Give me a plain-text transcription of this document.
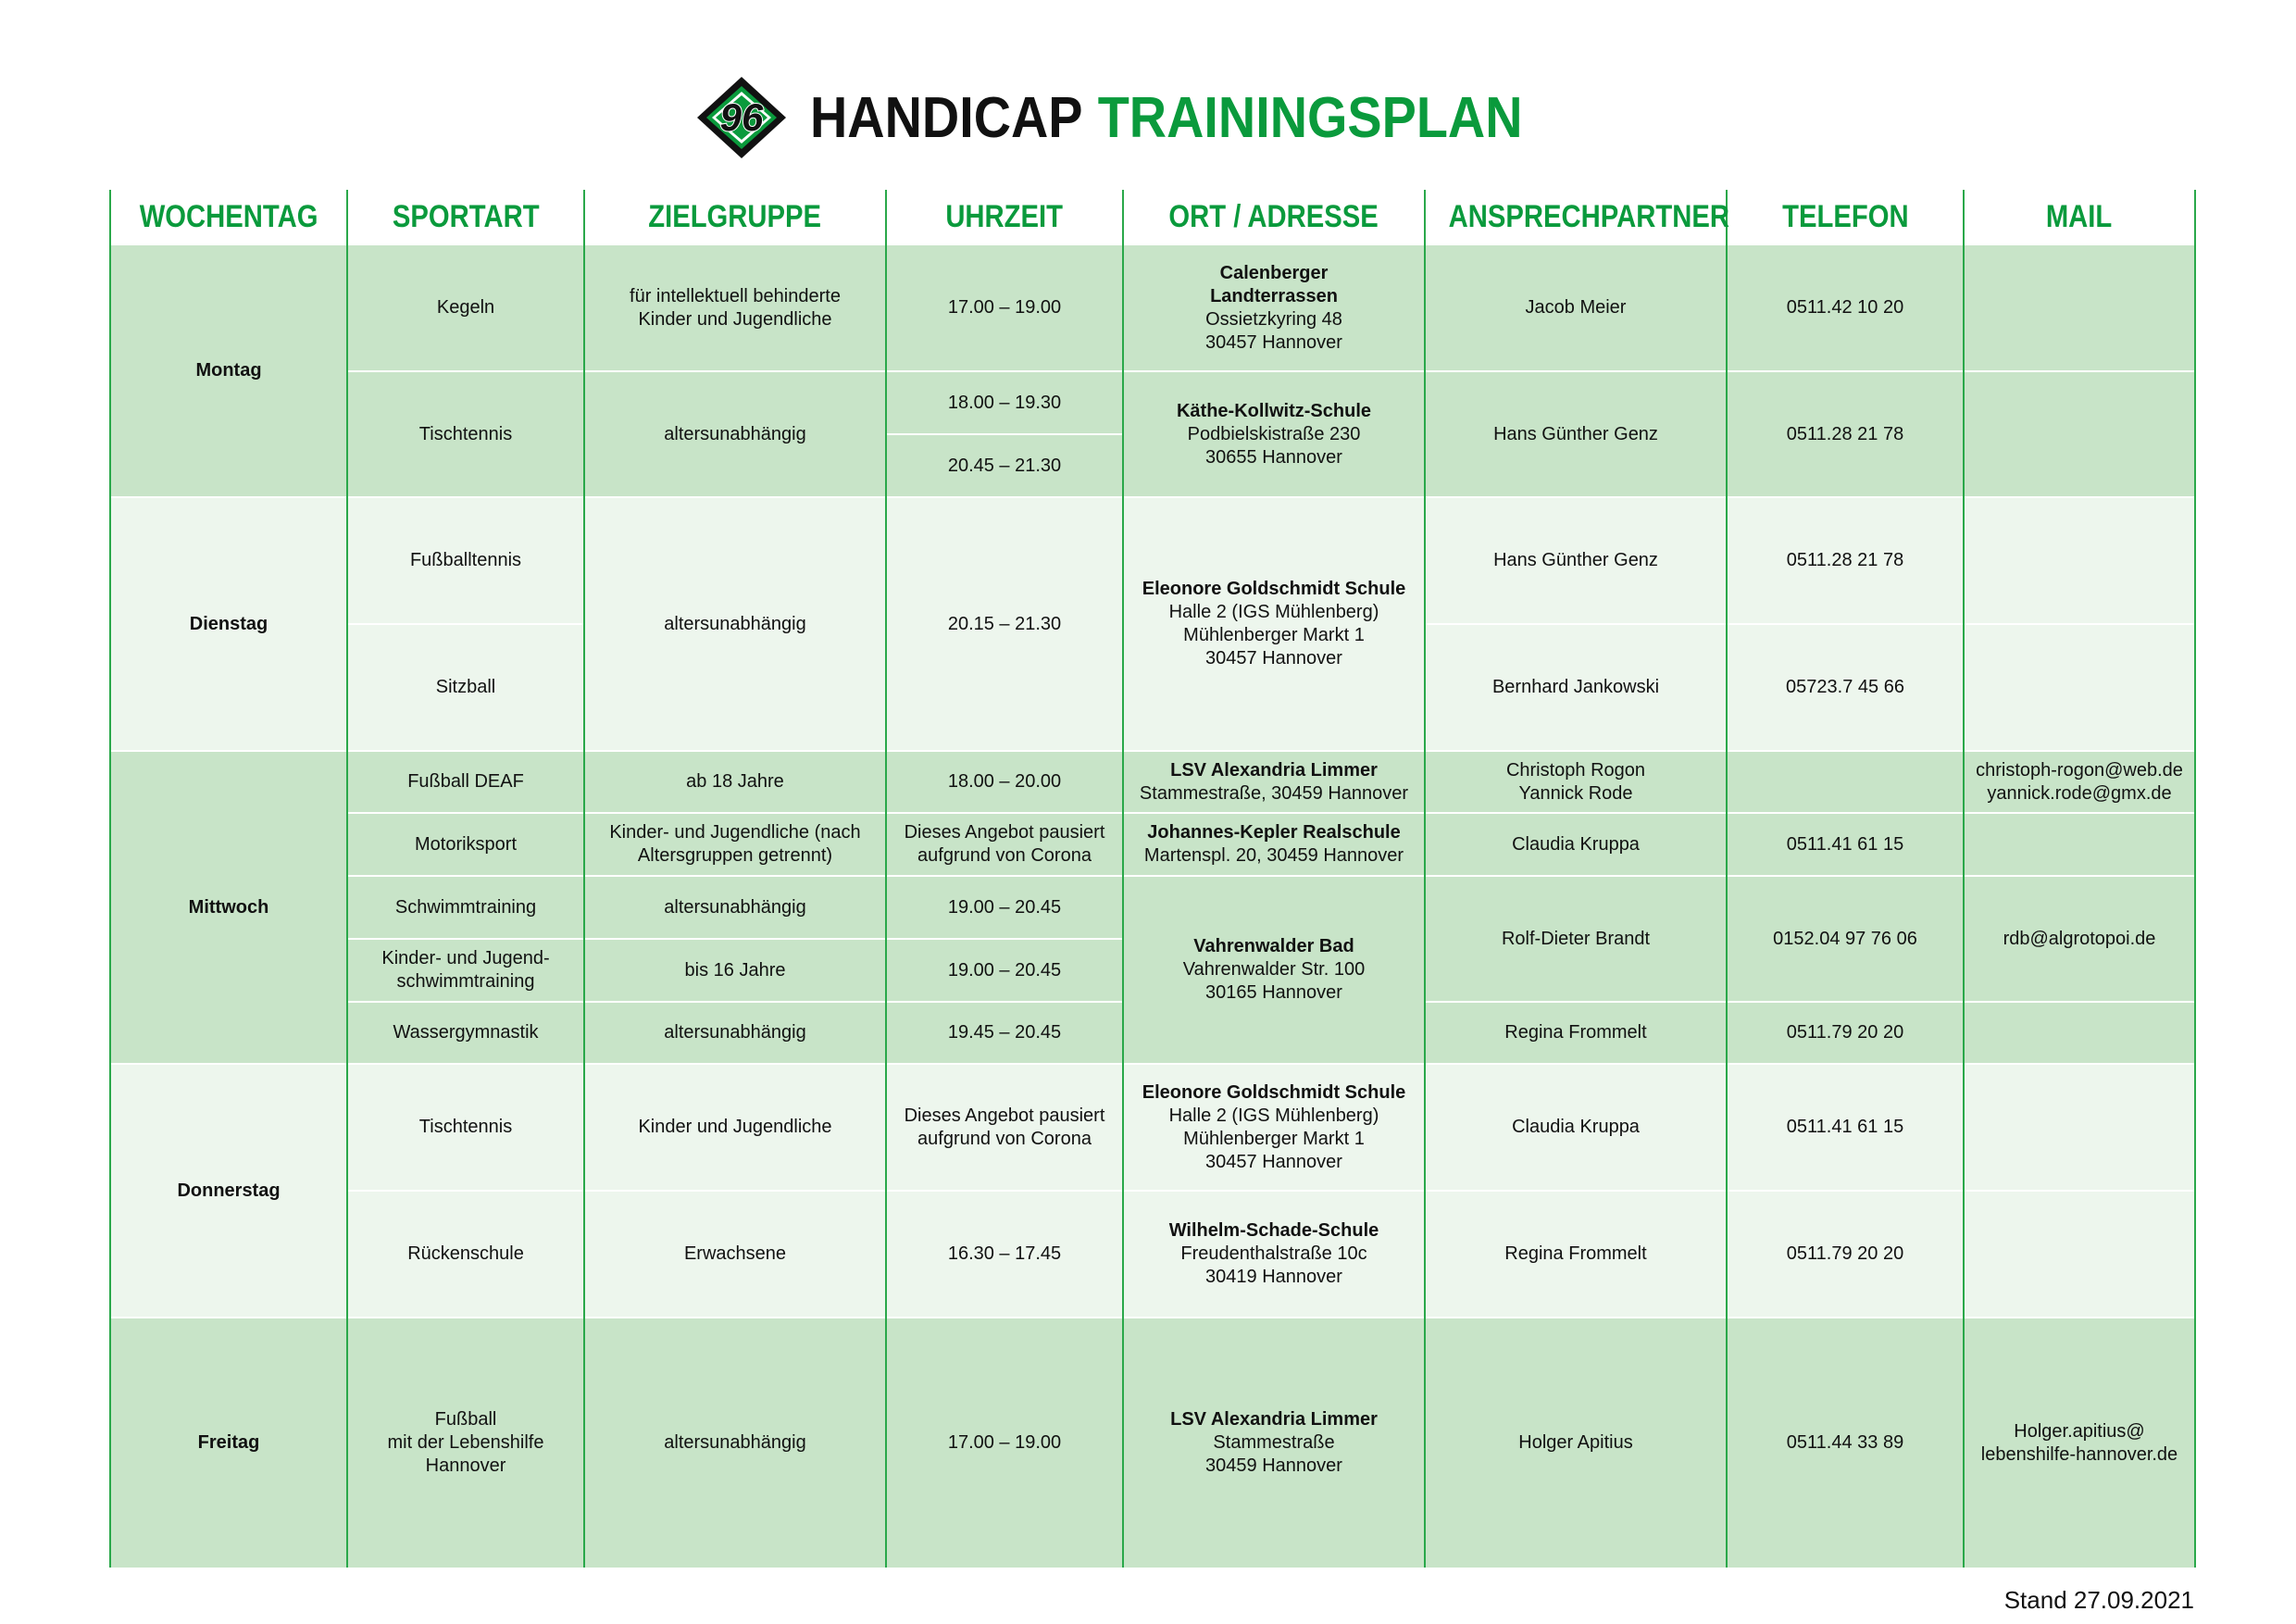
96 HANDICAP TRAININGSPLAN
WOCHENTAG	SPORTART	ZIELGRUPPE	UHRZEIT	ORT / ADRESSE	ANSPRECHPARTNER	TELEFON	MAIL
Montag	Kegeln	für intellektuell behinderte
Kinder und Jugendliche	17.00 – 19.00	Calenberger
Landterrassen
Ossietzkyring 48
30457 Hannover	Jacob Meier	0511.42 10 20	
	Tischtennis	altersunabhängig	18.00 – 19.30	Käthe-Kollwitz-Schule
Podbielskistraße 230
30655 Hannover	Hans Günther Genz	0511.28 21 78	
			20.45 – 21.30				
Dienstag	Fußballtennis	altersunabhängig	20.15 – 21.30	Eleonore Goldschmidt Schule
Halle 2 (IGS Mühlenberg)
Mühlenberger Markt 1
30457 Hannover	Hans Günther Genz	0511.28 21 78	
	Sitzball				Bernhard Jankowski	05723.7 45 66	
Mittwoch	Fußball DEAF	ab 18 Jahre	18.00 – 20.00	LSV Alexandria Limmer
Stammestraße, 30459 Hannover	Christoph Rogon
Yannick Rode		christoph-rogon@web.de
yannick.rode@gmx.de
	Motoriksport	Kinder- und Jugendliche (nach
Altersgruppen getrennt)	Dieses Angebot pausiert
aufgrund von Corona	Johannes-Kepler Realschule
Martenspl. 20, 30459 Hannover	Claudia Kruppa	0511.41 61 15	
	Schwimmtraining	altersunabhängig	19.00 – 20.45	Vahrenwalder Bad
Vahrenwalder Str. 100
30165 Hannover	Rolf-Dieter Brandt	0152.04 97 76 06	rdb@algrotopoi.de
	Kinder- und Jugend-
schwimmtraining	bis 16 Jahre	19.00 – 20.45				
	Wassergymnastik	altersunabhängig	19.45 – 20.45		Regina Frommelt	0511.79 20 20	
Donnerstag	Tischtennis	Kinder und Jugendliche	Dieses Angebot pausiert
aufgrund von Corona	Eleonore Goldschmidt Schule
Halle 2 (IGS Mühlenberg)
Mühlenberger Markt 1
30457 Hannover	Claudia Kruppa	0511.41 61 15	
	Rückenschule	Erwachsene	16.30 – 17.45	Wilhelm-Schade-Schule
Freudenthalstraße 10c
30419 Hannover	Regina Frommelt	0511.79 20 20	
Freitag	Fußball
mit der Lebenshilfe
Hannover	altersunabhängig	17.00 – 19.00	LSV Alexandria Limmer
Stammestraße
30459 Hannover	Holger Apitius	0511.44 33 89	Holger.apitius@
lebenshilfe-hannover.de
Stand 27.09.2021
